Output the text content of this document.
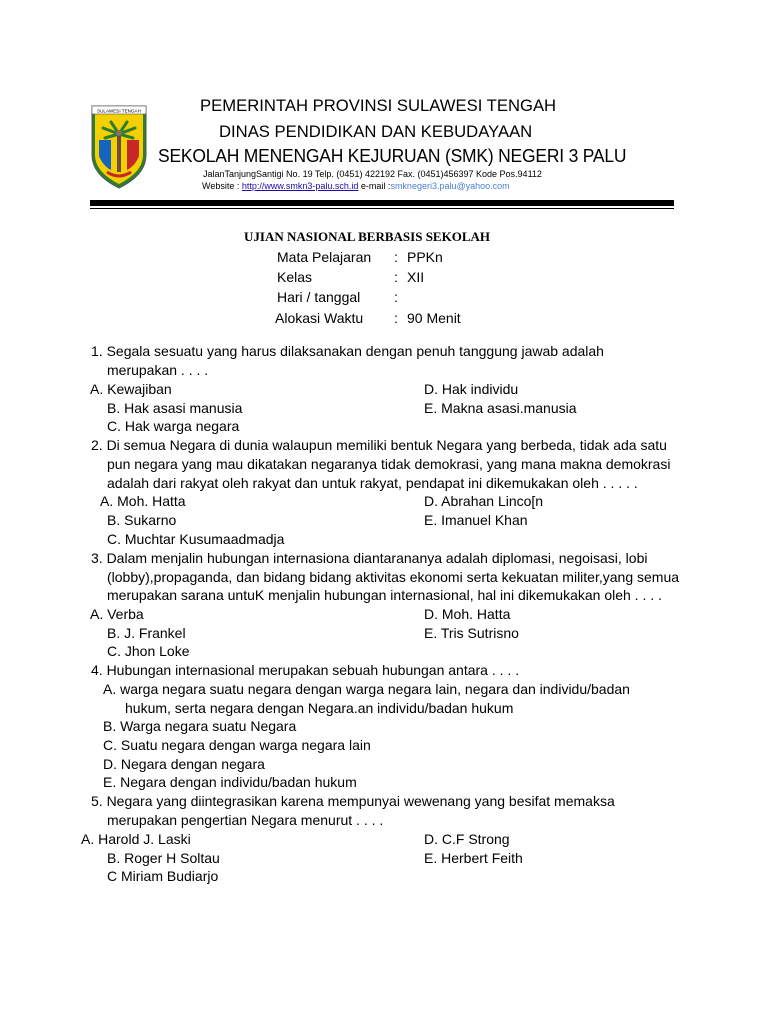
SULAWESI TENGAH	PEMERINTAH PROVINSI SULAWESI TENGAH
DINAS PENDIDIKAN DAN KEBUDAYAAN
SEKOLAH MENENGAH KEJURUAN (SMK) NEGERI 3 PALU
JalanTanjungSantigi No. 19 Telp. (0451) 422192 Fax. (0451)456397 Kode Pos.94112
Website : http://www.smkn3-palu.sch.id e-mail :smknegeri3.palu@yahoo.com
UJIAN NASIONAL BERBASIS SEKOLAH
Mata Pelajaran : PPKn
Kelas	: XII
Hari / tanggal :
Alokasi Waktu : 90 Menit
1. Segala sesuatu yang harus dilaksanakan dengan penuh tanggung jawab adalah
merupakan . . . .
A. Kewajiban
B. Hak asasi manusia
C. Hak warga negara
D. Hak individu
E. Makna asasi.manusia
2. Di semua Negara di dunia walaupun memiliki bentuk Negara yang berbeda, tidak ada satu
pun negara yang mau dikatakan negaranya tidak demokrasi, yang mana makna demokrasi
adalah dari rakyat oleh rakyat dan untuk rakyat, pendapat ini dikemukakan oleh . . . . .
A. Moh. Hatta
B. Sukarno
C. Muchtar Kusumaadmadja
D. Abrahan Linco[n
E. Imanuel Khan
3. Dalam menjalin hubungan internasiona diantarananya adalah diplomasi, negoisasi, lobi
(lobby),propaganda, dan bidang bidang aktivitas ekonomi serta kekuatan militer,yang semua
merupakan sarana untuK menjalin hubungan internasional, hal ini dikemukakan oleh . . . .
A. Verba
B. J. Frankel
C. Jhon Loke
D. Moh. Hatta
E. Tris Sutrisno
4. Hubungan internasional merupakan sebuah hubungan antara . . . .
A. warga negara suatu negara dengan warga negara lain, negara dan individu/badan
hukum, serta negara dengan Negara.an individu/badan hukum
B. Warga negara suatu Negara
C. Suatu negara dengan warga negara lain
D. Negara dengan negara
E. Negara dengan individu/badan hukum
5. Negara yang diintegrasikan karena mempunyai wewenang yang besifat memaksa
merupakan pengertian Negara menurut . . . .
A. Harold J. Laski
B. Roger H Soltau
C Miriam Budiarjo
D. C.F Strong
E. Herbert Feith
